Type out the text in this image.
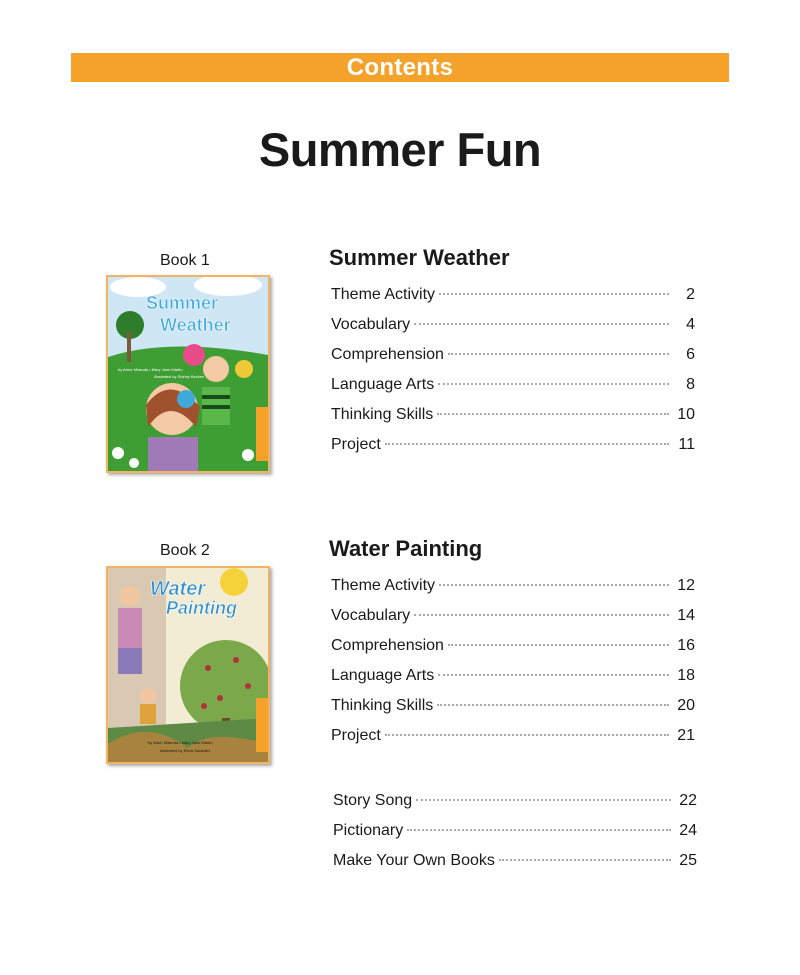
Contents
Summer Fun
Book 1
Summer
Weather
by Anne Miranda • Mary Jane Martin
illustrated by Shirley Beckes
Summer Weather
Theme Activity	2
Vocabulary	4
Comprehension	6
Language Arts	8
Thinking Skills	10
Project	11
Book 2
Water
Painting
by Anne Miranda • Mary Jane Martin
illustrated by Elivia Savadier
Water Painting
Theme Activity	12
Vocabulary	14
Comprehension	16
Language Arts	18
Thinking Skills	20
Project	21
Story Song	22
Pictionary	24
Make Your Own Books	25
